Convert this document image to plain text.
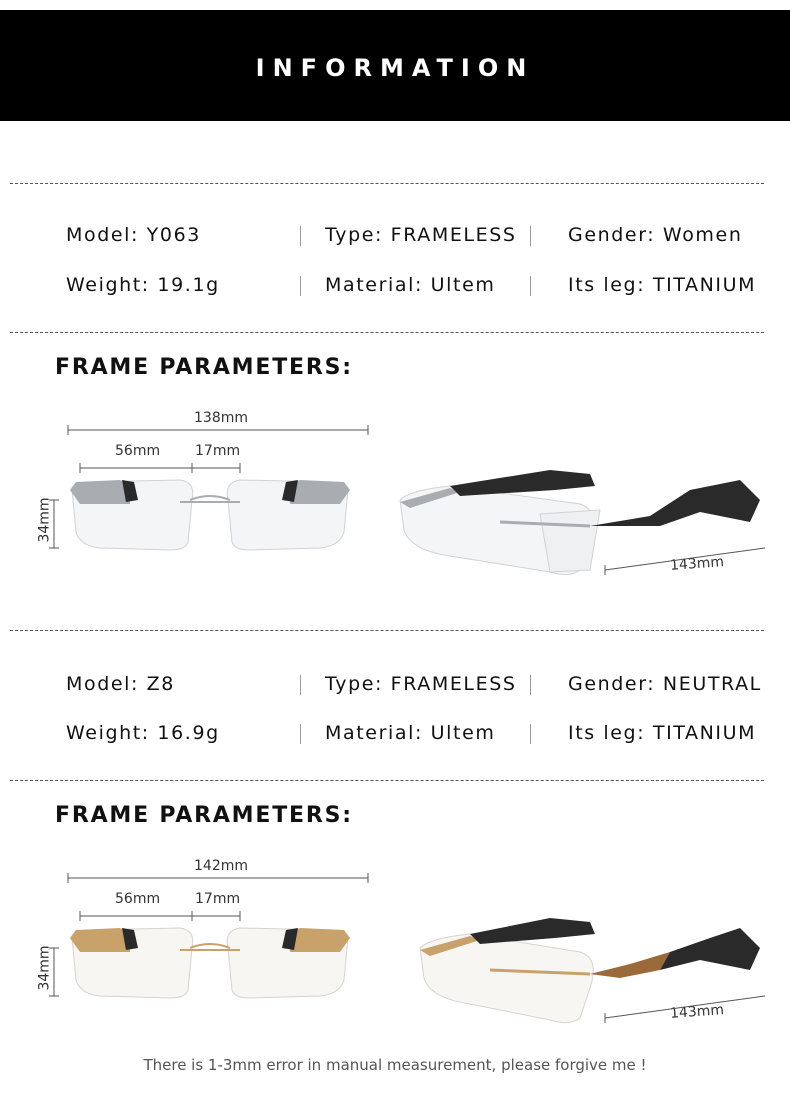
INFORMATION
Model: Y063	Type: FRAMELESS	Gender: Women
Weight: 19.1g	Material: Ultem	Its leg: TITANIUM
FRAME PARAMETERS:
138mm
56mm 17mm
34mm
143mm
Model: Z8	Type: FRAMELESS	Gender: NEUTRAL
Weight: 16.9g	Material: Ultem	Its leg: TITANIUM
FRAME PARAMETERS:
142mm
56mm 17mm
34mm
143mm
There is 1-3mm error in manual measurement, please forgive me !
